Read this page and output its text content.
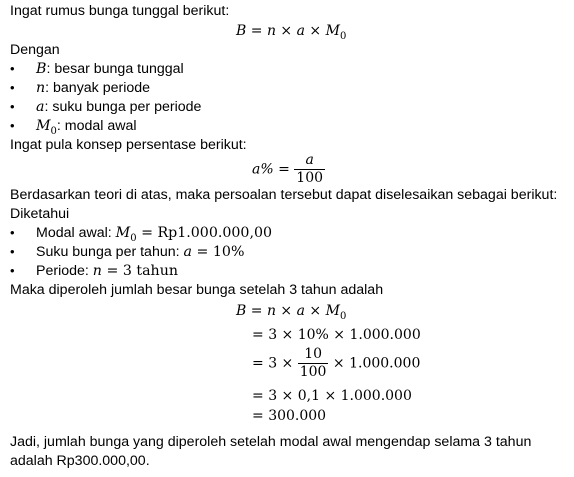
Ingat rumus bunga tunggal berikut:
$B = n \times a \times M_0$
Dengan
• B: besar bunga tunggal
• n: banyak periode
• a: suku bunga per periode
• $M_0$: modal awal
Ingat pula konsep persentase berikut:
$a\% = \frac{a}{100}$
Berdasarkan teori di atas, maka persoalan tersebut dapat diselesaikan sebagai berikut:
Diketahui
• Modal awal: $M_0 = Rp1.000.000,00$
• Suku bunga per tahun: a = 10%
• Periode: n = 3 tahun
Maka diperoleh jumlah besar bunga setelah 3 tahun adalah
$B = n \times a \times M_0$
= 3 × 10% × 1.000.000
= $3 \times \frac{10}{100} \times 1.000.000$
= 3 × 0,1 × 1.000.000
= 300.000
Jadi, jumlah bunga yang diperoleh setelah modal awal mengendap selama 3 tahun
adalah Rp300.000,00.
